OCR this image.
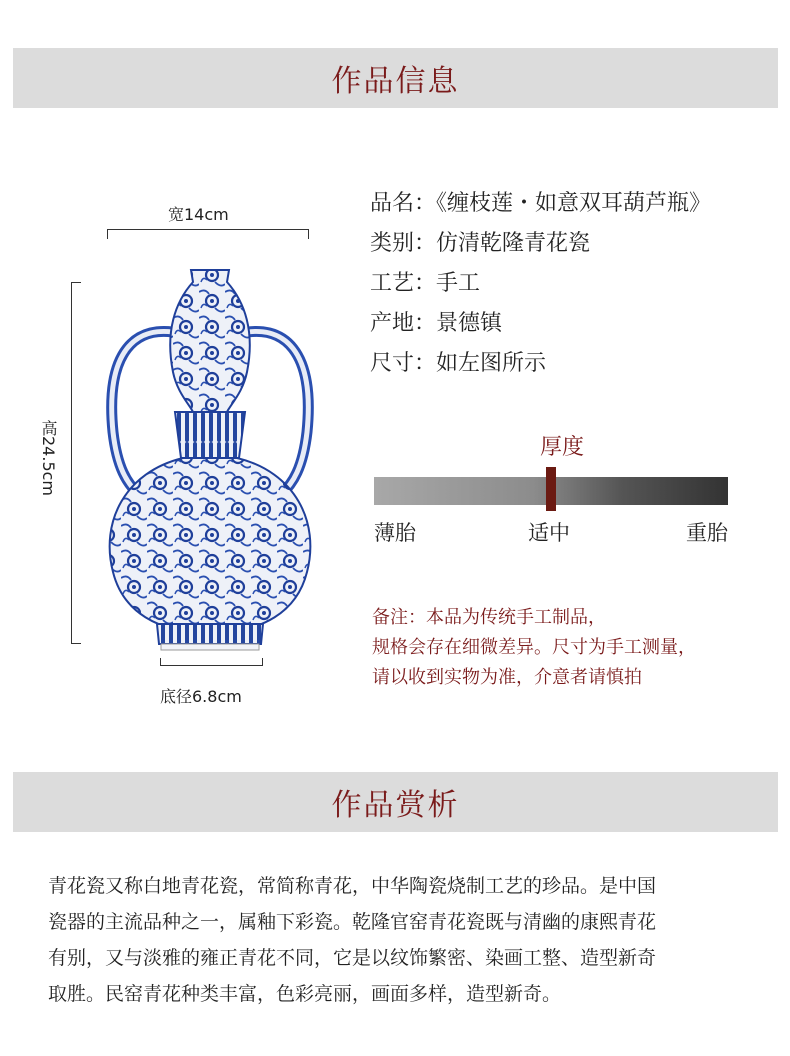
作品信息
宽14cm
高24.5cm
底径6.8cm
品名：《缠枝莲・如意双耳葫芦瓶》
类别：仿清乾隆青花瓷
工艺：手工
产地：景德镇
尺寸：如左图所示
厚度
薄胎	适中	重胎
备注：本品为传统手工制品，
规格会存在细微差异。尺寸为手工测量，
请以收到实物为准，介意者请慎拍
作品赏析
青花瓷又称白地青花瓷，常简称青花，中华陶瓷烧制工艺的珍品。是中国
瓷器的主流品种之一，属釉下彩瓷。乾隆官窑青花瓷既与清幽的康熙青花
有别，又与淡雅的雍正青花不同，它是以纹饰繁密、染画工整、造型新奇
取胜。民窑青花种类丰富，色彩亮丽，画面多样，造型新奇。
